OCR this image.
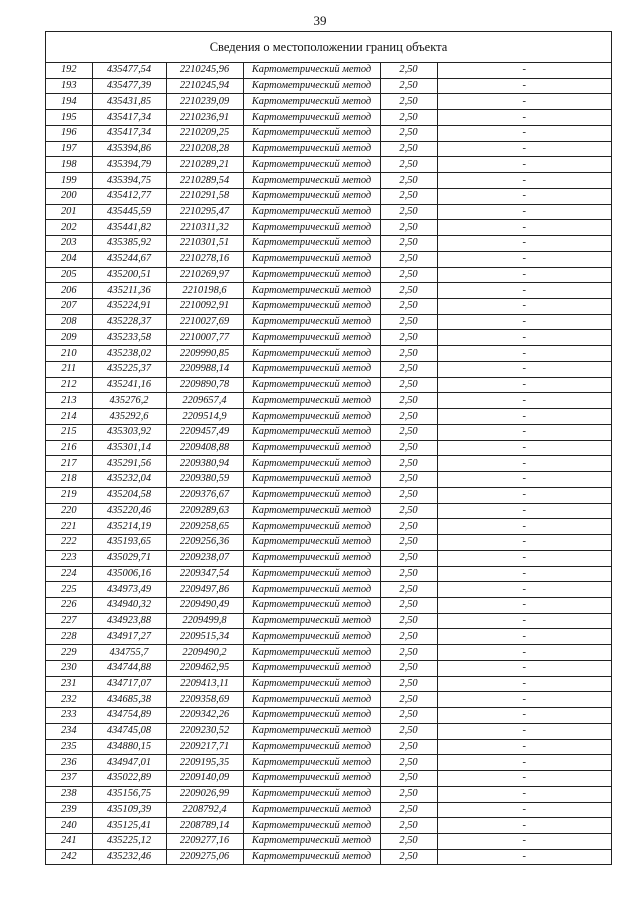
39
Сведения о местоположении границ объекта
192	435477,54	2210245,96	Картометрический метод	2,50	-
193	435477,39	2210245,94	Картометрический метод	2,50	-
194	435431,85	2210239,09	Картометрический метод	2,50	-
195	435417,34	2210236,91	Картометрический метод	2,50	-
196	435417,34	2210209,25	Картометрический метод	2,50	-
197	435394,86	2210208,28	Картометрический метод	2,50	-
198	435394,79	2210289,21	Картометрический метод	2,50	-
199	435394,75	2210289,54	Картометрический метод	2,50	-
200	435412,77	2210291,58	Картометрический метод	2,50	-
201	435445,59	2210295,47	Картометрический метод	2,50	-
202	435441,82	2210311,32	Картометрический метод	2,50	-
203	435385,92	2210301,51	Картометрический метод	2,50	-
204	435244,67	2210278,16	Картометрический метод	2,50	-
205	435200,51	2210269,97	Картометрический метод	2,50	-
206	435211,36	2210198,6	Картометрический метод	2,50	-
207	435224,91	2210092,91	Картометрический метод	2,50	-
208	435228,37	2210027,69	Картометрический метод	2,50	-
209	435233,58	2210007,77	Картометрический метод	2,50	-
210	435238,02	2209990,85	Картометрический метод	2,50	-
211	435225,37	2209988,14	Картометрический метод	2,50	-
212	435241,16	2209890,78	Картометрический метод	2,50	-
213	435276,2	2209657,4	Картометрический метод	2,50	-
214	435292,6	2209514,9	Картометрический метод	2,50	-
215	435303,92	2209457,49	Картометрический метод	2,50	-
216	435301,14	2209408,88	Картометрический метод	2,50	-
217	435291,56	2209380,94	Картометрический метод	2,50	-
218	435232,04	2209380,59	Картометрический метод	2,50	-
219	435204,58	2209376,67	Картометрический метод	2,50	-
220	435220,46	2209289,63	Картометрический метод	2,50	-
221	435214,19	2209258,65	Картометрический метод	2,50	-
222	435193,65	2209256,36	Картометрический метод	2,50	-
223	435029,71	2209238,07	Картометрический метод	2,50	-
224	435006,16	2209347,54	Картометрический метод	2,50	-
225	434973,49	2209497,86	Картометрический метод	2,50	-
226	434940,32	2209490,49	Картометрический метод	2,50	-
227	434923,88	2209499,8	Картометрический метод	2,50	-
228	434917,27	2209515,34	Картометрический метод	2,50	-
229	434755,7	2209490,2	Картометрический метод	2,50	-
230	434744,88	2209462,95	Картометрический метод	2,50	-
231	434717,07	2209413,11	Картометрический метод	2,50	-
232	434685,38	2209358,69	Картометрический метод	2,50	-
233	434754,89	2209342,26	Картометрический метод	2,50	-
234	434745,08	2209230,52	Картометрический метод	2,50	-
235	434880,15	2209217,71	Картометрический метод	2,50	-
236	434947,01	2209195,35	Картометрический метод	2,50	-
237	435022,89	2209140,09	Картометрический метод	2,50	-
238	435156,75	2209026,99	Картометрический метод	2,50	-
239	435109,39	2208792,4	Картометрический метод	2,50	-
240	435125,41	2208789,14	Картометрический метод	2,50	-
241	435225,12	2209277,16	Картометрический метод	2,50	-
242	435232,46	2209275,06	Картометрический метод	2,50	-
